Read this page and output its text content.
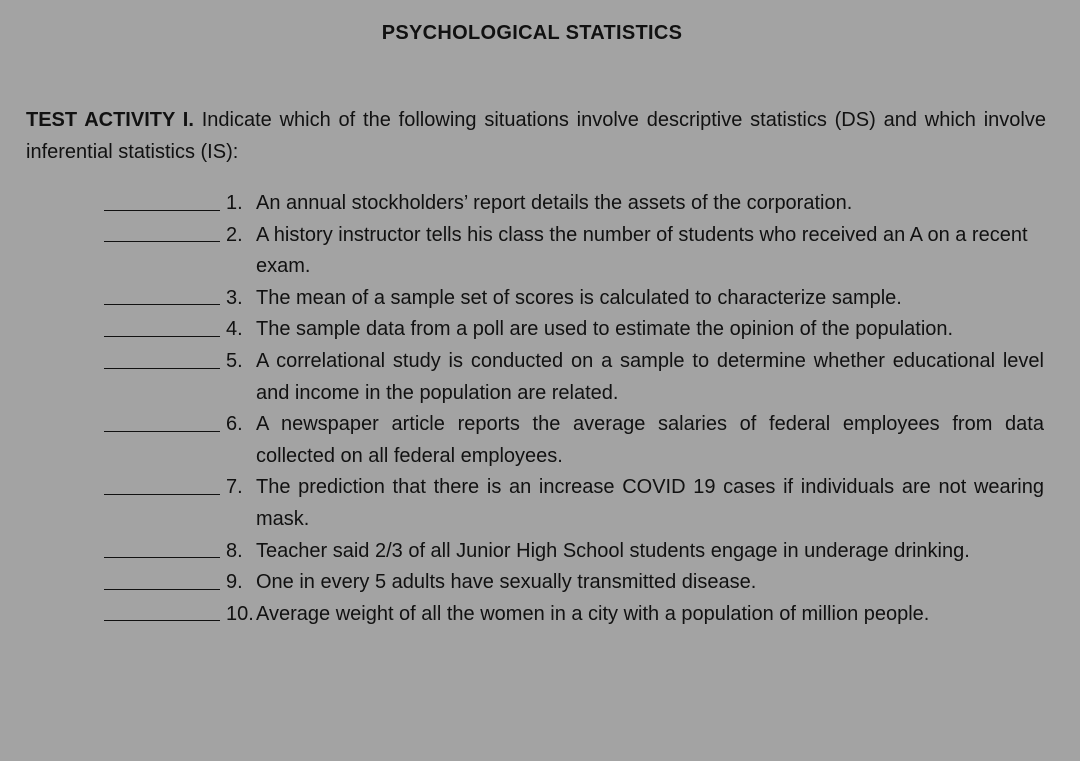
PSYCHOLOGICAL STATISTICS
TEST ACTIVITY I. Indicate which of the following situations involve descriptive statistics (DS) and which involve inferential statistics (IS):
1. An annual stockholders’ report details the assets of the corporation.
2. A history instructor tells his class the number of students who received an A on a recent exam.
3. The mean of a sample set of scores is calculated to characterize sample.
4. The sample data from a poll are used to estimate the opinion of the population.
5. A correlational study is conducted on a sample to determine whether educational level and income in the population are related.
6. A newspaper article reports the average salaries of federal employees from data collected on all federal employees.
7. The prediction that there is an increase COVID 19 cases if individuals are not wearing mask.
8. Teacher said 2/3 of all Junior High School students engage in underage drinking.
9. One in every 5 adults have sexually transmitted disease.
10. Average weight of all the women in a city with a population of million people.
